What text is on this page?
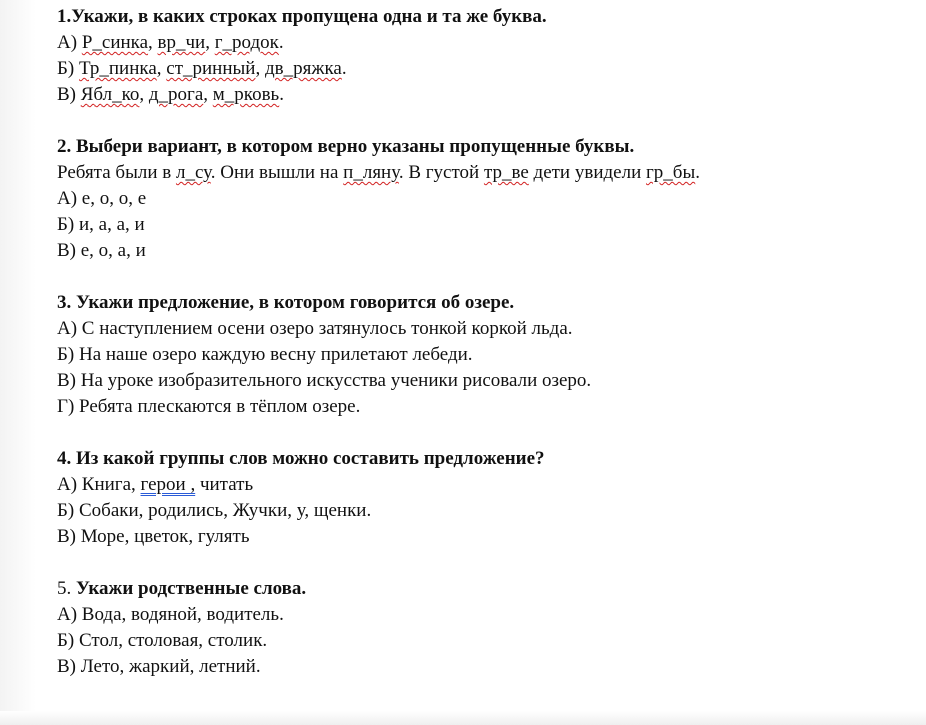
1.Укажи, в каких строках пропущена одна и та же буква.
А) Р_синка, вр_чи, г_родок.
Б) Тр_пинка, ст_ринный, дв_ряжка.
В) Ябл_ко, д_рога, м_рковь.
2. Выбери вариант, в котором верно указаны пропущенные буквы.
Ребята были в л_су. Они вышли на п_ляну. В густой тр_ве дети увидели гр_бы.
А) е, о, о, е
Б) и, а, а, и
В) е, о, а, и
3. Укажи предложение, в котором говорится об озере.
А) С наступлением осени озеро затянулось тонкой коркой льда.
Б) На наше озеро каждую весну прилетают лебеди.
В) На уроке изобразительного искусства ученики рисовали озеро.
Г) Ребята плескаются в тёплом озере.
4. Из какой группы слов можно составить предложение?
А) Книга, герои , читать
Б) Собаки, родились, Жучки, у, щенки.
В) Море, цветок, гулять
5. Укажи родственные слова.
А) Вода, водяной, водитель.
Б) Стол, столовая, столик.
В) Лето, жаркий, летний.
